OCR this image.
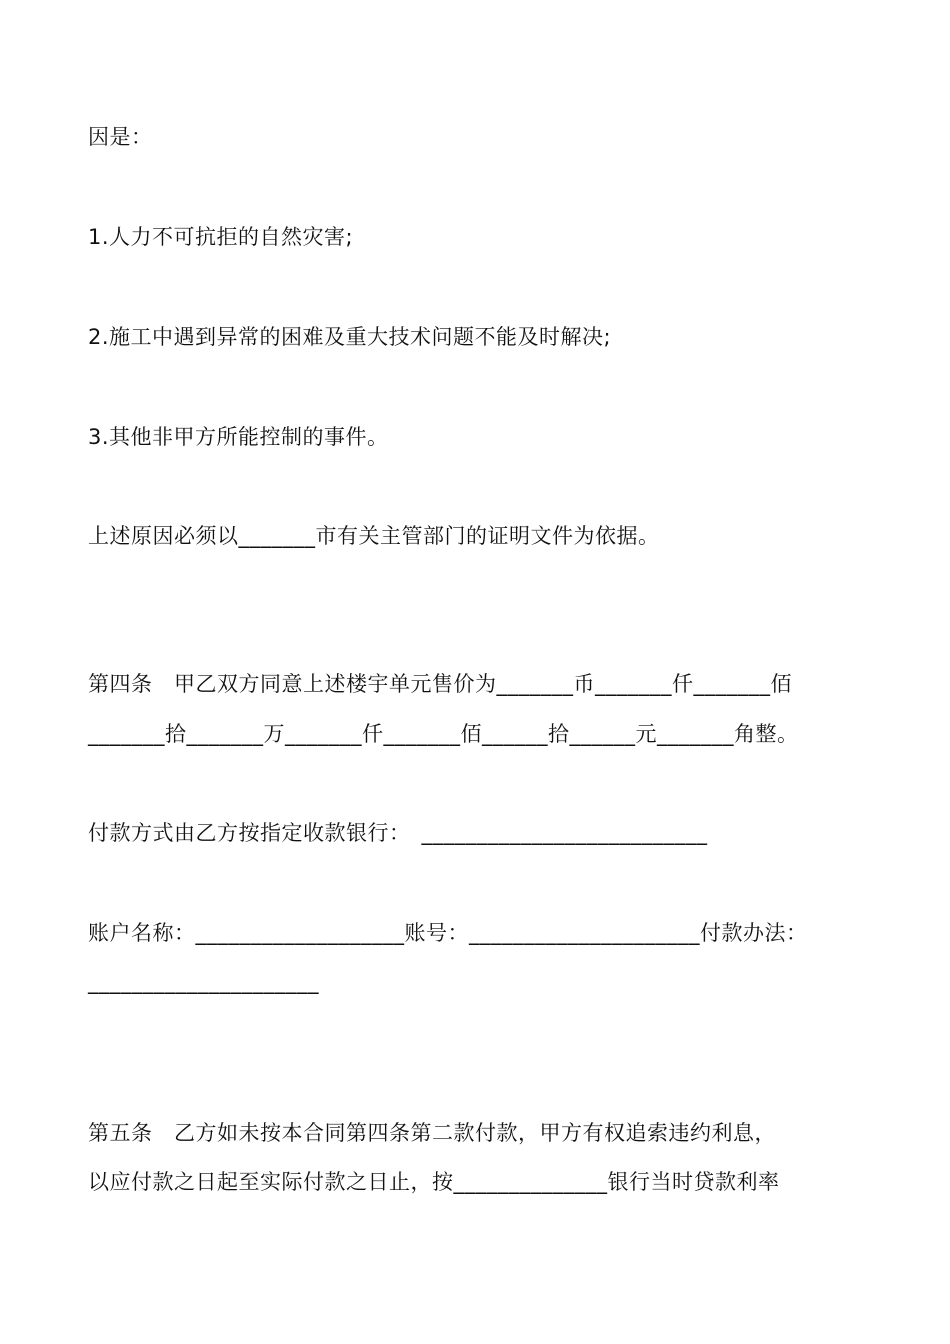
因是：
1.人力不可抗拒的自然灾害;
2.施工中遇到异常的困难及重大技术问题不能及时解决;
3.其他非甲方所能控制的事件。
上述原因必须以_______市有关主管部门的证明文件为依据。
第四条　甲乙双方同意上述楼宇单元售价为_______币_______仟_______佰
_______拾_______万_______仟_______佰______拾______元_______角整。
付款方式由乙方按指定收款银行：　__________________________
账户名称：___________________账号：_____________________付款办法：
_____________________
第五条　乙方如未按本合同第四条第二款付款，甲方有权追索违约利息，
以应付款之日起至实际付款之日止，按______________银行当时贷款利率
